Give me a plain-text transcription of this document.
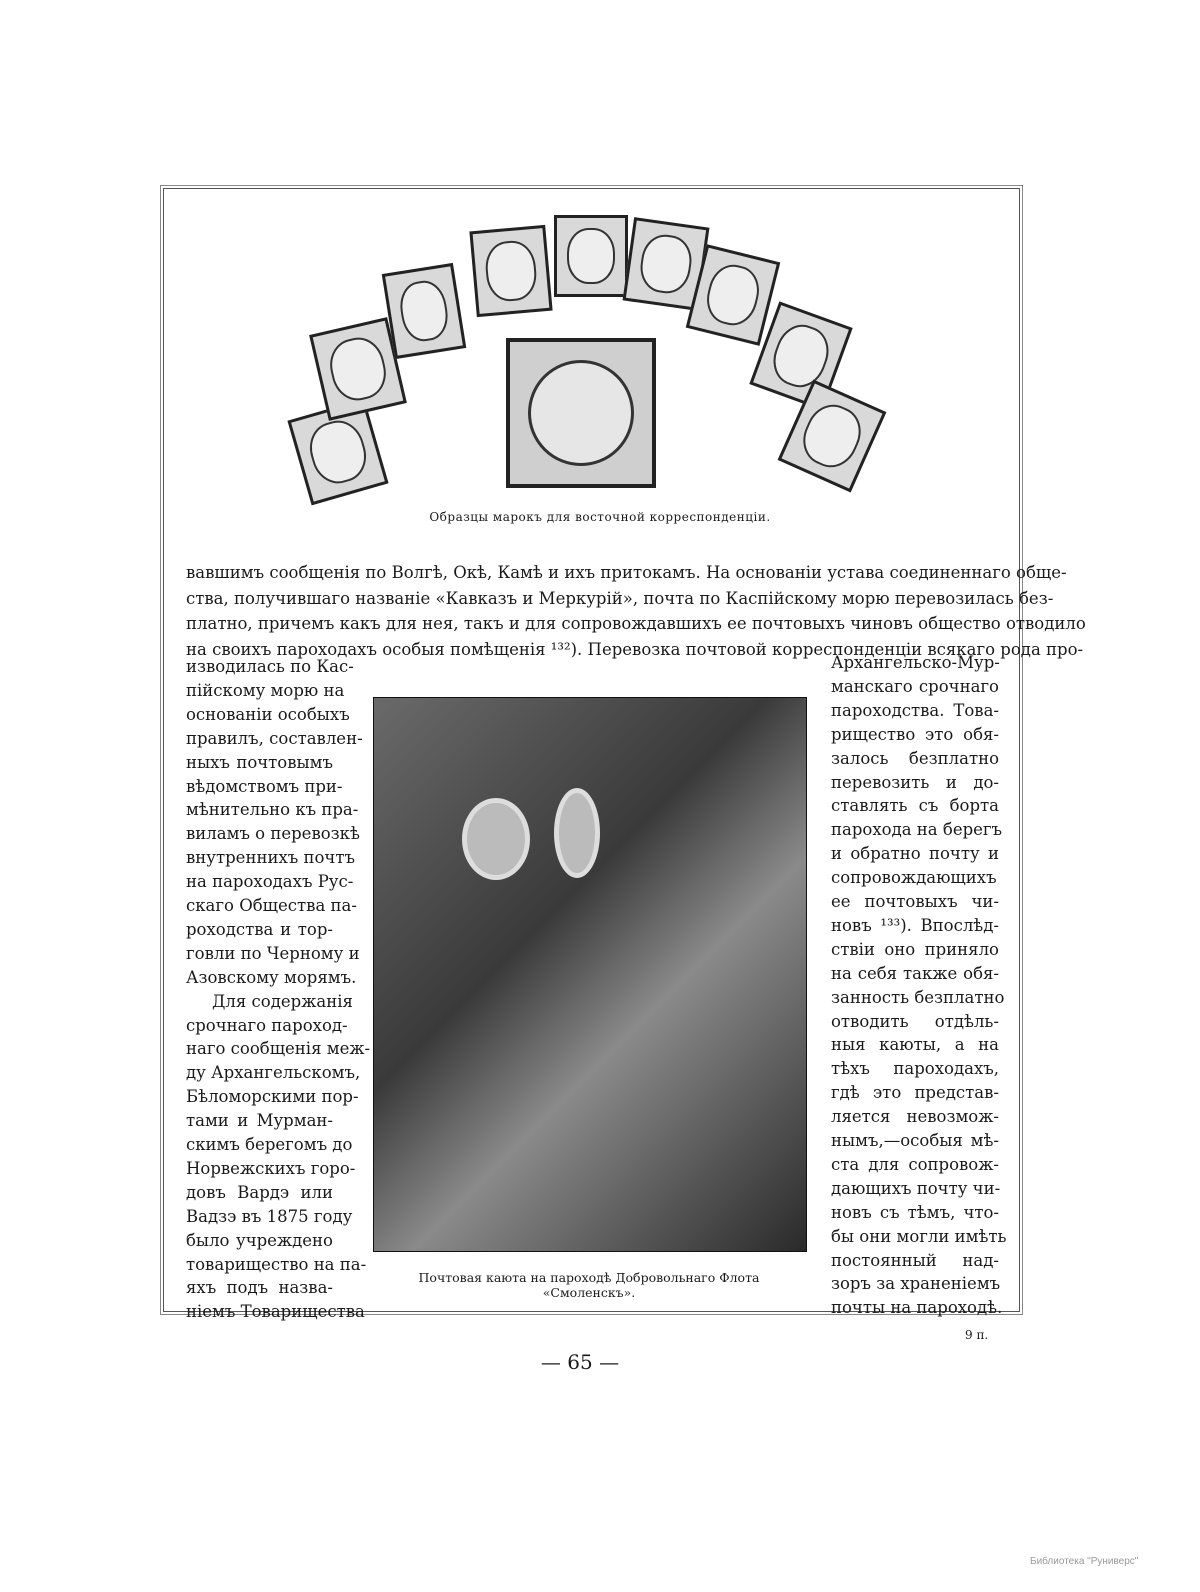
Образцы марокъ для восточной корреспонденціи.
вавшимъ сообщенія по Волгѣ, Окѣ, Камѣ и ихъ притокамъ. На основаніи устава соединеннаго обще-
ства, получившаго названіе «Кавказъ и Меркурій», почта по Каспійскому морю перевозилась без-
платно, причемъ какъ для нея, такъ и для сопровождавшихъ ее почтовыхъ чиновъ общество отводило
на своихъ пароходахъ особыя помѣщенія ¹³²). Перевозка почтовой корреспонденціи всякаго рода про-
изводилась по Кас-
пійскому морю на
основаніи особыхъ
правилъ, составлен-
ныхъ почтовымъ
вѣдомствомъ при-
мѣнительно къ пра-
виламъ о перевозкѣ
внутреннихъ почтъ
на пароходахъ Рус-
скаго Общества па-
роходства и тор-
говли по Черному и
Азовскому морямъ.
Для содержанія
срочнаго пароход-
наго сообщенія меж-
ду Архангельскомъ,
Бѣломорскими пор-
тами и Мурман-
скимъ берегомъ до
Норвежскихъ горо-
довъ Вардэ или
Вадзэ въ 1875 году
было учреждено
товарищество на па-
яхъ подъ назва-
ніемъ Товарищества
Архангельско-Мур-
манскаго срочнаго
пароходства. Това-
рищество это обя-
залось безплатно
перевозить и до-
ставлять съ борта
парохода на берегъ
и обратно почту и
сопровождающихъ
ее почтовыхъ чи-
новъ ¹³³). Впослѣд-
ствіи оно приняло
на себя также обя-
занность безплатно
отводить отдѣль-
ныя каюты, а на
тѣхъ пароходахъ,
гдѣ это представ-
ляется невозмож-
нымъ,—особыя мѣ-
ста для сопровож-
дающихъ почту чи-
новъ съ тѣмъ, что-
бы они могли имѣть
постоянный над-
зоръ за храненіемъ
почты на пароходѣ.
Почтовая каюта на пароходѣ Добровольнаго Флота «Смоленскъ».
9 п.
— 65 —
Библиотека "Руниверс"
